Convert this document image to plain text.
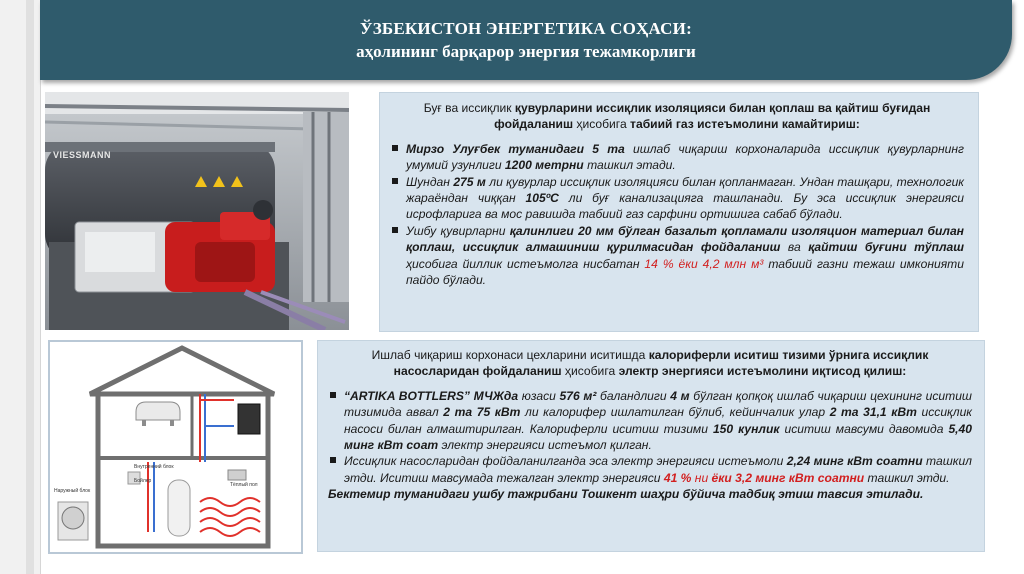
ЎЗБЕКИСТОН ЭНЕРГЕТИКА СОҲАСИ:
аҳолининг барқарор энергия тежамкорлиги
VIESSMANN

Буғ ва иссиқлик қувурларини иссиқлик изоляцияси билан қоплаш ва қайтиш буғидан фойдаланиш ҳисобига табиий газ истеъмолини камайтириш:

Мирзо Улуғбек туманидаги 5 та ишлаб чиқариш корхоналарида иссиқлик қувурларнинг умумий узунлиги 1200 метрни ташкил этади.
Шундан 275 м ли қувурлар иссиқлик изоляцияси билан қопланмаган. Ундан ташқари, технологик жараёндан чиққан 105ºC ли буғ канализацияга ташланади. Бу эса иссиқлик энергияси исрофларига ва мос равишда табиий газ сарфини ортишига сабаб бўлади.
Ушбу қувирларни қалинлиги 20 мм бўлган базальт қопламали изоляцион материал билан қоплаш, иссиқлик алмашиниш қурилмасидан фойдаланиш ва қайтиш буғини тўплаш ҳисобига йиллик истеъмолга нисбатан 14 % ёки 4,2 млн м³ табиий газни тежаш имконияти пайдо бўлади.
Наружный блок
Бойлер
Внутренний блок
Тёплый пол

Ишлаб чиқариш корхонаси цехларини иситишда калориферли иситиш тизими ўрнига иссиқлик насосларидан фойдаланиш ҳисобига электр энергияси истеъмолини иқтисод қилиш:

“ARTIKA BOTTLERS” МЧЖда юзаси 576 м² баландлиги 4 м бўлган қопқоқ ишлаб чиқариш цехининг иситиш тизимида аввал 2 та 75 кВт ли калорифер ишлатилган бўлиб, кейинчалик улар 2 та 31,1 кВт иссиқлик насоси билан алмаштирилган. Калориферли иситиш тизими 150 кунлик иситиш мавсуми давомида 5,40 минг кВт соат электр энергияси истеъмол қилган.
Иссиқлик насосларидан фойдаланилганда эса электр энергияси истеъмоли 2,24 минг кВт соатни ташкил этди. Иситиш мавсумада тежалган электр энергияси 41 % ни ёки 3,2 минг кВт соатни ташкил этди.

Бектемир туманидаги ушбу тажрибани Тошкент шаҳри бўйича тадбиқ этиш тавсия этилади.
